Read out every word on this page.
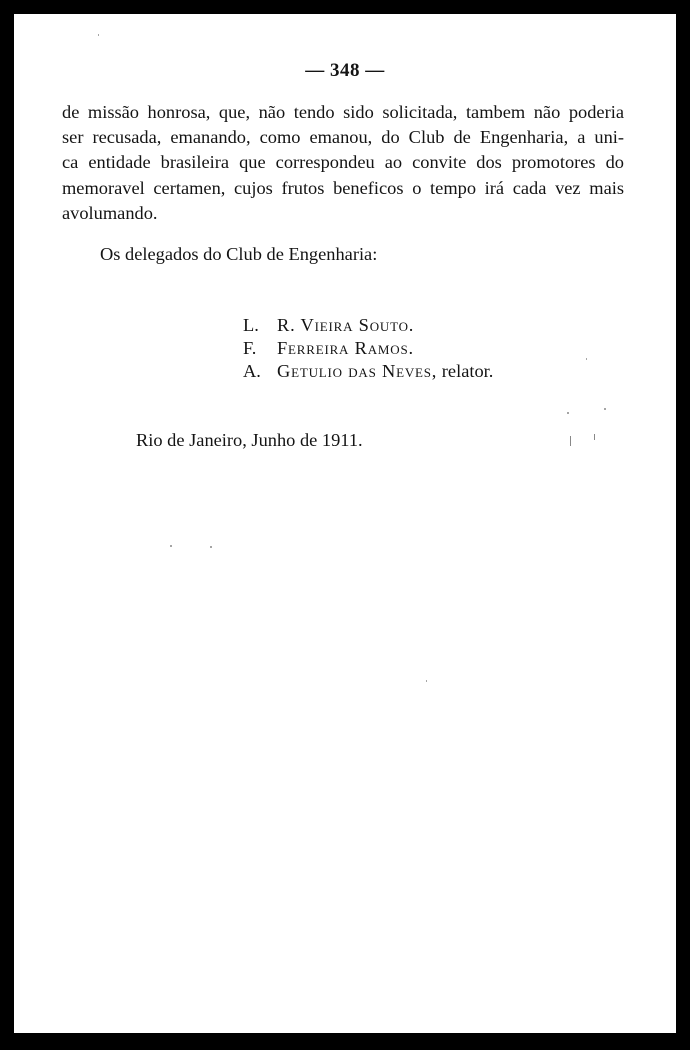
— 348 —

de missão honrosa, que, não tendo sido solicitada, tambem não poderia
ser recusada, emanando, como emanou, do Club de Engenharia, a uni-
ca entidade brasileira que correspondeu ao convite dos promotores do
memoravel certamen, cujos frutos beneficos o tempo irá cada vez mais
avolumando.

Os delegados do Club de Engenharia:
L. R. Vieira Souto.
F. Ferreira Ramos.
A. Getulio das Neves, relator.
Rio de Janeiro, Junho de 1911.
